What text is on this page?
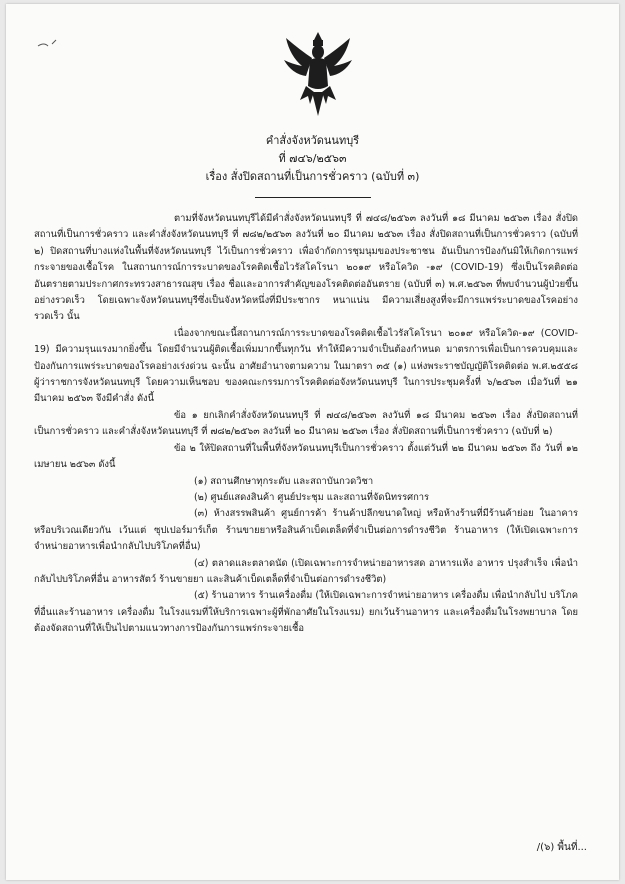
คำสั่งจังหวัดนนทบุรี
ที่ ๗๔๖/๒๕๖๓
เรื่อง สั่งปิดสถานที่เป็นการชั่วคราว (ฉบับที่ ๓)

ตามที่จังหวัดนนทบุรีได้มีคำสั่งจังหวัดนนทบุรี ที่ ๗๔๘/๒๕๖๓ ลงวันที่ ๑๘ มีนาคม ๒๕๖๓ เรื่อง สั่งปิดสถานที่เป็นการชั่วคราว และคำสั่งจังหวัดนนทบุรี ที่ ๗๘๒/๒๕๖๓ ลงวันที่ ๒๐ มีนาคม ๒๕๖๓ เรื่อง สั่งปิดสถานที่เป็นการชั่วคราว (ฉบับที่ ๒) ปิดสถานที่บางแห่งในพื้นที่จังหวัดนนทบุรี ไว้เป็นการชั่วคราว เพื่อจำกัดการชุมนุมของประชาชน อันเป็นการป้องกันมิให้เกิดการแพร่กระจายของเชื้อโรค ในสถานการณ์การระบาดของโรคติดเชื้อไวรัสโคโรนา ๒๐๑๙ หรือโควิด -๑๙ (COVID-19) ซึ่งเป็นโรคติดต่อ อันตรายตามประกาศกระทรวงสาธารณสุข เรื่อง ชื่อและอาการสำคัญของโรคติดต่ออันตราย (ฉบับที่ ๓) พ.ศ.๒๕๖๓ ที่พบจำนวนผู้ป่วยขึ้นอย่างรวดเร็ว โดยเฉพาะจังหวัดนนทบุรีซึ่งเป็นจังหวัดหนึ่งที่มีประชากร หนาแน่น มีความเสี่ยงสูงที่จะมีการแพร่ระบาดของโรคอย่างรวดเร็ว นั้น

เนื่องจากขณะนี้สถานการณ์การระบาดของโรคติดเชื้อไวรัสโคโรนา ๒๐๑๙ หรือโควิด-๑๙ (COVID-19) มีความรุนแรงมากยิ่งขึ้น โดยมีจำนวนผู้ติดเชื้อเพิ่มมากขึ้นทุกวัน ทำให้มีความจำเป็นต้องกำหนด มาตรการเพื่อเป็นการควบคุมและป้องกันการแพร่ระบาดของโรคอย่างเร่งด่วน ฉะนั้น อาศัยอำนาจตามความ ในมาตรา ๓๕ (๑) แห่งพระราชบัญญัติโรคติดต่อ พ.ศ.๒๕๕๘ ผู้ว่าราชการจังหวัดนนทบุรี โดยความเห็นชอบ ของคณะกรรมการโรคติดต่อจังหวัดนนทบุรี ในการประชุมครั้งที่ ๖/๒๕๖๓ เมื่อวันที่ ๒๑ มีนาคม ๒๕๖๓ จึงมีคำสั่ง ดังนี้

ข้อ ๑ ยกเลิกคำสั่งจังหวัดนนทบุรี ที่ ๗๔๘/๒๕๖๓ ลงวันที่ ๑๘ มีนาคม ๒๕๖๓ เรื่อง สั่งปิดสถานที่เป็นการชั่วคราว และคำสั่งจังหวัดนนทบุรี ที่ ๗๘๒/๒๕๖๓ ลงวันที่ ๒๐ มีนาคม ๒๕๖๓ เรื่อง สั่งปิดสถานที่เป็นการชั่วคราว (ฉบับที่ ๒)

ข้อ ๒ ให้ปิดสถานที่ในพื้นที่จังหวัดนนทบุรีเป็นการชั่วคราว ตั้งแต่วันที่ ๒๒ มีนาคม ๒๕๖๓ ถึง วันที่ ๑๒ เมษายน ๒๕๖๓ ดังนี้

(๑) สถานศึกษาทุกระดับ และสถาบันกวดวิชา

(๒) ศูนย์แสดงสินค้า ศูนย์ประชุม และสถานที่จัดนิทรรศการ

(๓) ห้างสรรพสินค้า ศูนย์การค้า ร้านค้าปลีกขนาดใหญ่ หรือห้างร้านที่มีร้านค้าย่อย ในอาคารหรือบริเวณเดียวกัน เว้นแต่ ซุปเปอร์มาร์เก็ต ร้านขายยาหรือสินค้าเบ็ดเตล็ดที่จำเป็นต่อการดำรงชีวิต ร้านอาหาร (ให้เปิดเฉพาะการจำหน่ายอาหารเพื่อนำกลับไปบริโภคที่อื่น)

(๔) ตลาดและตลาดนัด (เปิดเฉพาะการจำหน่ายอาหารสด อาหารแห้ง อาหาร ปรุงสำเร็จ เพื่อนำกลับไปบริโภคที่อื่น อาหารสัตว์ ร้านขายยา และสินค้าเบ็ดเตล็ดที่จำเป็นต่อการดำรงชีวิต)

(๕) ร้านอาหาร ร้านเครื่องดื่ม (ให้เปิดเฉพาะการจำหน่ายอาหาร เครื่องดื่ม เพื่อนำกลับไป บริโภคที่อื่นและร้านอาหาร เครื่องดื่ม ในโรงแรมที่ให้บริการเฉพาะผู้ที่พักอาศัยในโรงแรม) ยกเว้นร้านอาหาร และเครื่องดื่มในโรงพยาบาล โดยต้องจัดสถานที่ให้เป็นไปตามแนวทางการป้องกันการแพร่กระจายเชื้อ

/(๖) พื้นที่...
